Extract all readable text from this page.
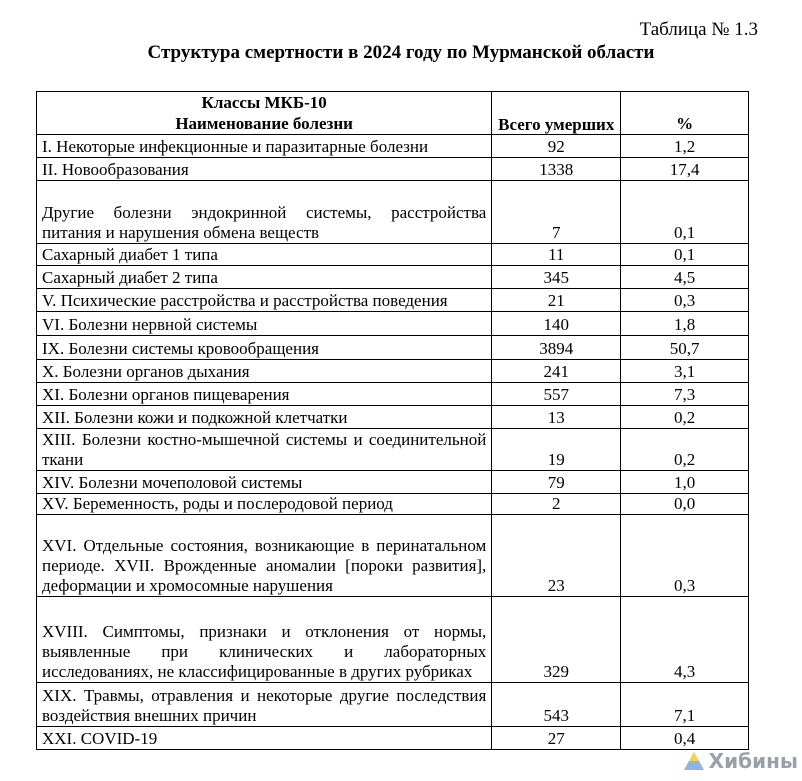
Таблица № 1.3
Структура смертности в 2024 году по Мурманской области
Классы МКБ-10
Наименование болезни	Всего умерших	%
I. Некоторые инфекционные и паразитарные болезни	92	1,2
II. Новообразования	1338	17,4
Другие болезни эндокринной системы, расстройства питания и нарушения обмена веществ	7	0,1
Сахарный диабет 1 типа	11	0,1
Сахарный диабет 2 типа	345	4,5
V. Психические расстройства и расстройства поведения	21	0,3
VI. Болезни нервной системы	140	1,8
IX. Болезни системы кровообращения	3894	50,7
X. Болезни органов дыхания	241	3,1
XI. Болезни органов пищеварения	557	7,3
XII. Болезни кожи и подкожной клетчатки	13	0,2
XIII. Болезни костно-мышечной системы и соединительной ткани	19	0,2
XIV. Болезни мочеполовой системы	79	1,0
XV. Беременность, роды и послеродовой период	2	0,0
XVI. Отдельные состояния, возникающие в перинатальном периоде. XVII. Врожденные аномалии [пороки развития], деформации и хромосомные нарушения	23	0,3
XVIII. Симптомы, признаки и отклонения от нормы, выявленные при клинических и лабораторных исследованиях, не классифицированные в других рубриках	329	4,3
XIX. Травмы, отравления и некоторые другие последствия воздействия внешних причин	543	7,1
XXI. COVID-19	27	0,4
Хибины
